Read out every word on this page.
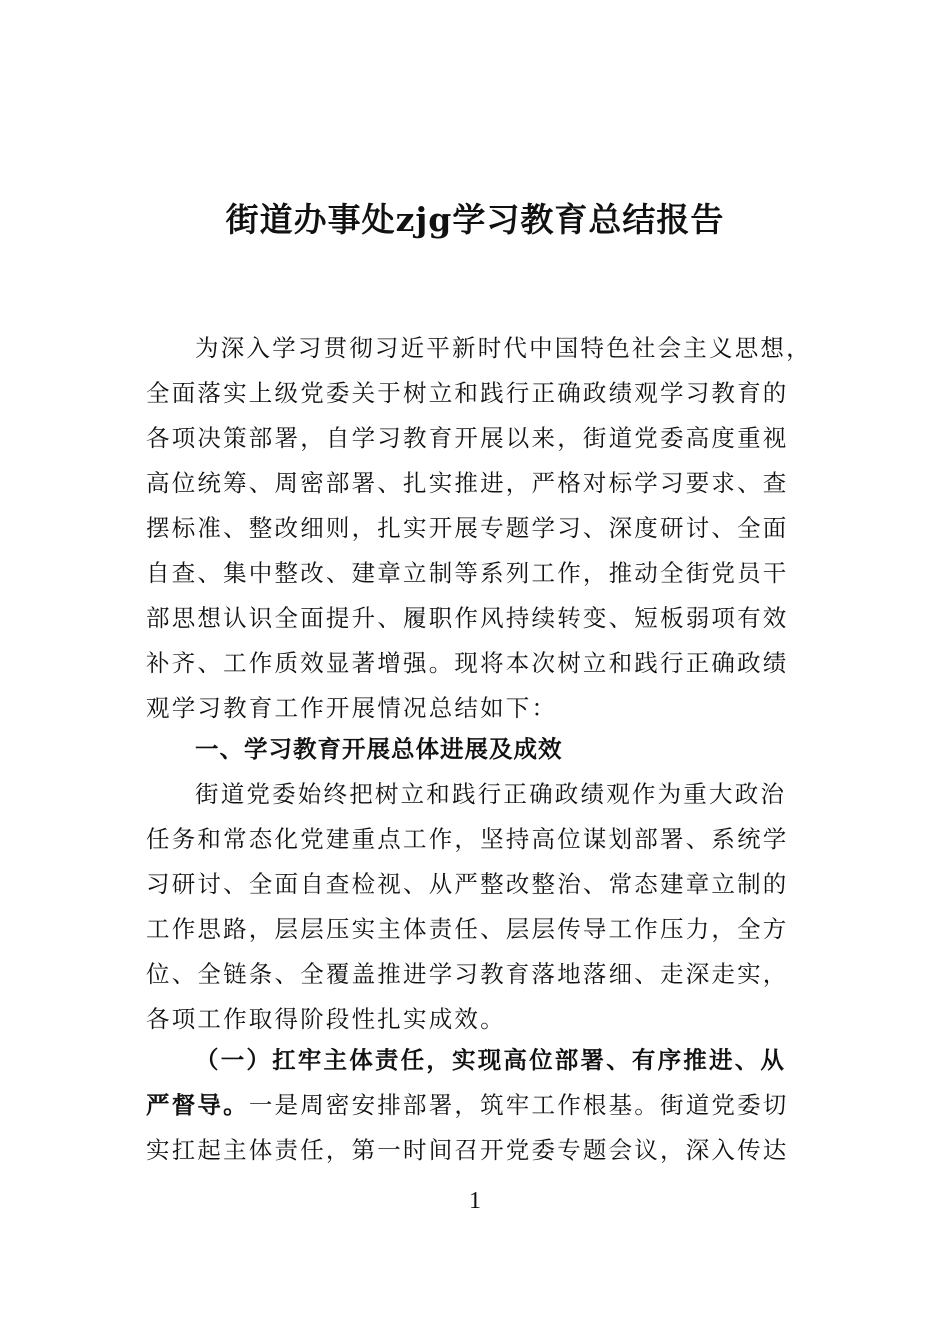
街道办事处zjg学习教育总结报告
为深入学习贯彻习近平新时代中国特色社会主义思想，
全面落实上级党委关于树立和践行正确政绩观学习教育的
各项决策部署，自学习教育开展以来，街道党委高度重视
高位统筹、周密部署、扎实推进，严格对标学习要求、查
摆标准、整改细则，扎实开展专题学习、深度研讨、全面
自查、集中整改、建章立制等系列工作，推动全街党员干
部思想认识全面提升、履职作风持续转变、短板弱项有效
补齐、工作质效显著增强。现将本次树立和践行正确政绩
观学习教育工作开展情况总结如下：
一、学习教育开展总体进展及成效
街道党委始终把树立和践行正确政绩观作为重大政治
任务和常态化党建重点工作，坚持高位谋划部署、系统学
习研讨、全面自查检视、从严整改整治、常态建章立制的
工作思路，层层压实主体责任、层层传导工作压力，全方
位、全链条、全覆盖推进学习教育落地落细、走深走实，
各项工作取得阶段性扎实成效。
（一）扛牢主体责任，实现高位部署、有序推进、从
严督导。一是周密安排部署，筑牢工作根基。街道党委切
实扛起主体责任，第一时间召开党委专题会议，深入传达
1
